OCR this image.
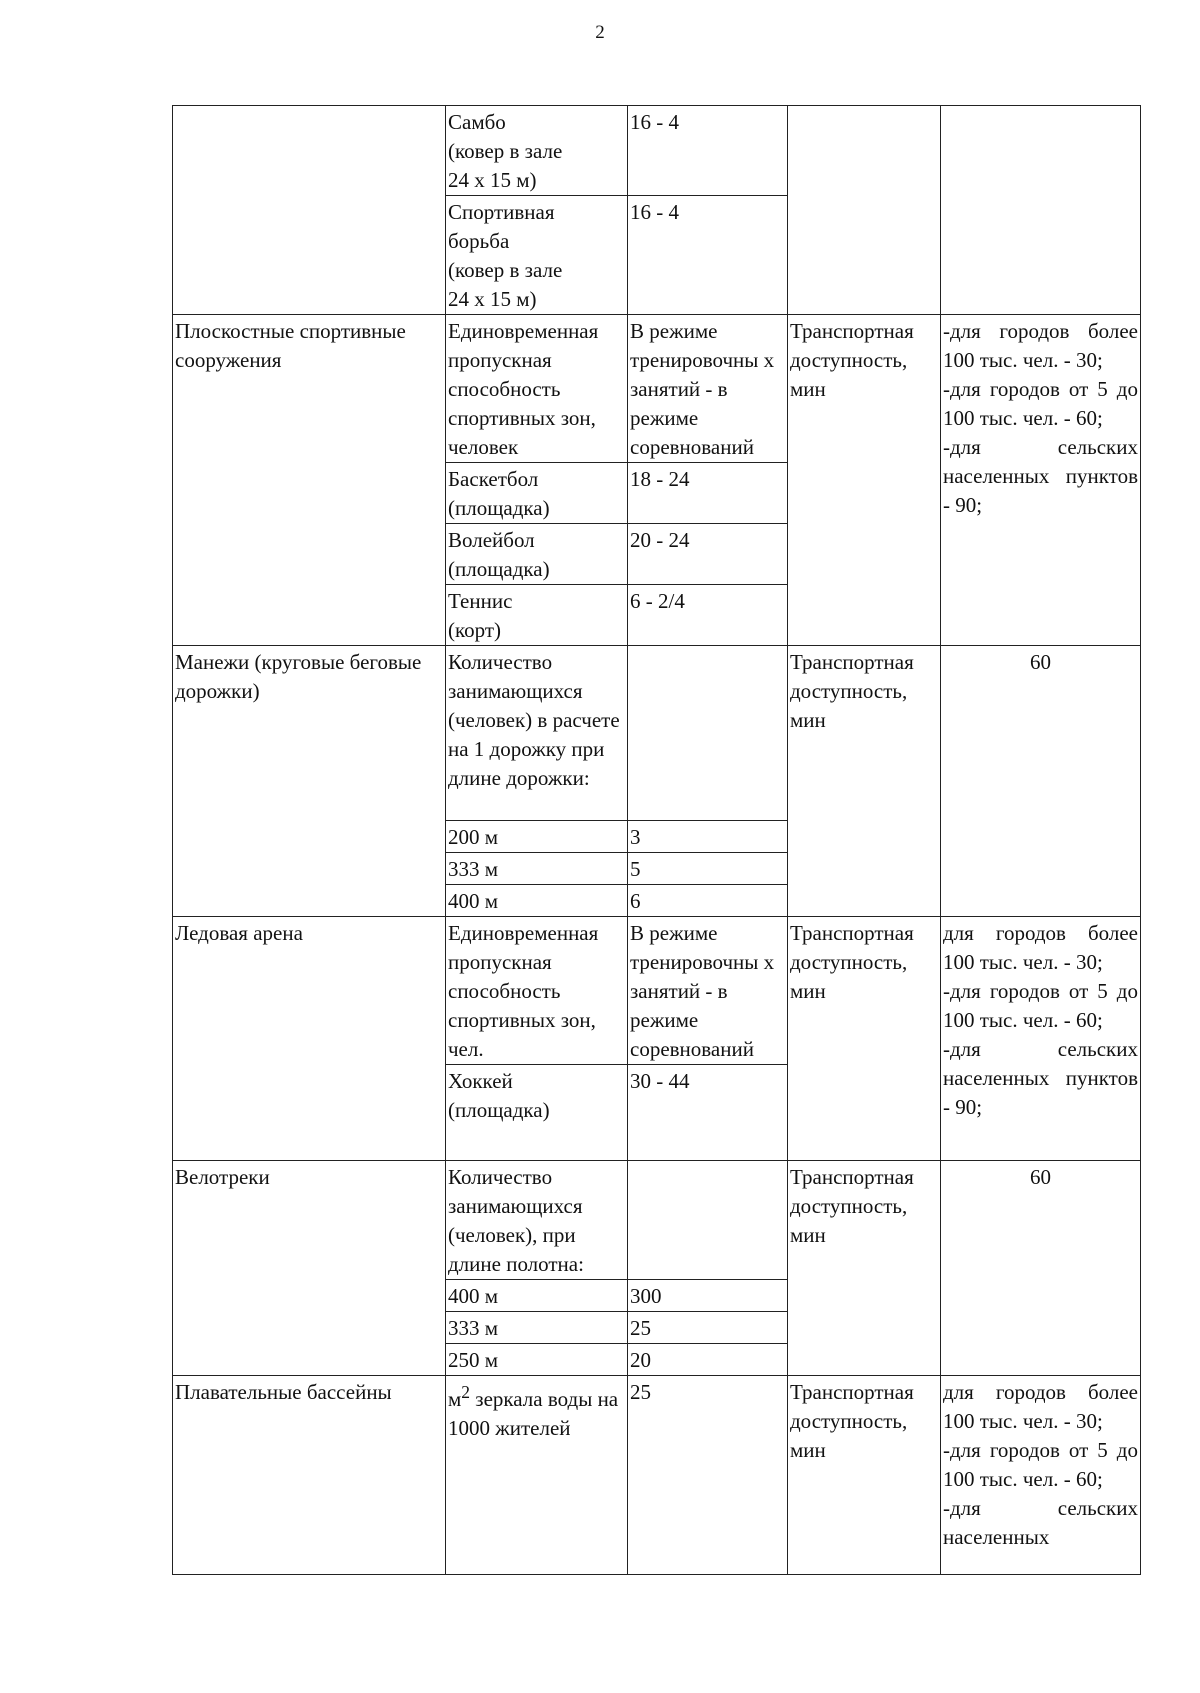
2
	Самбо
(ковер в зале
24 х 15 м)	16 - 4		
	Спортивная
борьба
(ковер в зале
24 х 15 м)	16 - 4		
Плоскостные спортивные сооружения	Единовременная пропускная способность спортивных зон, человек	В режиме тренировочны х занятий - в режиме соревнований	Транспортная доступность, мин	-для городов более 100 тыс. чел. - 30;
-для городов от 5 до 100 тыс. чел. - 60;
-для сельских населенных пунктов - 90;
	Баскетбол
(площадка)	18 - 24		
	Волейбол
(площадка)	20 - 24		
	Теннис
(корт)	6 - 2/4		
Манежи (круговые беговые дорожки)	Количество занимающихся (человек) в расчете на 1 дорожку при длине дорожки:		Транспортная доступность, мин	60
	200 м	3		
	333 м	5		
	400 м	6		
Ледовая арена	Единовременная пропускная способность спортивных зон, чел.	В режиме тренировочны х занятий - в режиме соревнований	Транспортная доступность, мин	для городов более 100 тыс. чел. - 30;
-для городов от 5 до 100 тыс. чел. - 60;
-для сельских населенных пунктов - 90;
	Хоккей
(площадка)	30 - 44		
Велотреки	Количество занимающихся (человек), при длине полотна:		Транспортная доступность, мин	60
	400 м	300		
	333 м	25		
	250 м	20		
Плавательные бассейны	$м^2$ зеркала воды на 1000 жителей	25	Транспортная доступность, мин	для городов более 100 тыс. чел. - 30;
-для городов от 5 до 100 тыс. чел. - 60;
-для сельских населенных
